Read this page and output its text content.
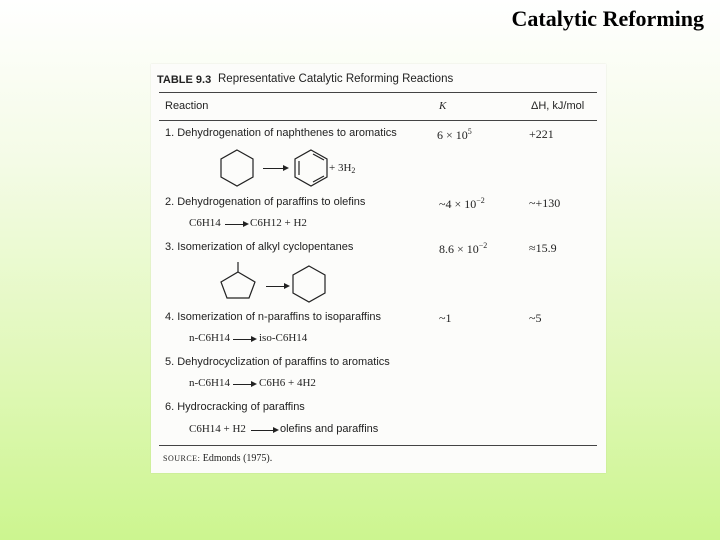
Catalytic Reforming
TABLE 9.3 Representative Catalytic Reforming Reactions
Reaction	K	ΔH, kJ/mol
1. Dehydrogenation of naphthenes to aromatics	$6 \times 10^5$	+221
+ $3H_2$
2. Dehydrogenation of paraffins to olefins	~4 × $10^{-2}$	~+130
C6H14	C6H12 + H2
3. Isomerization of alkyl cyclopentanes	$8.6 \times 10^{-2}$	≈15.9
4. Isomerization of n-paraffins to isoparaffins	~1	~5
n-C6H14	iso-C6H14
5. Dehydrocyclization of paraffins to aromatics
n-C6H14	C6H6 + 4H2
6. Hydrocracking of paraffins
C6H14 + H2	olefins and paraffins
SOURCE: Edmonds (1975).
